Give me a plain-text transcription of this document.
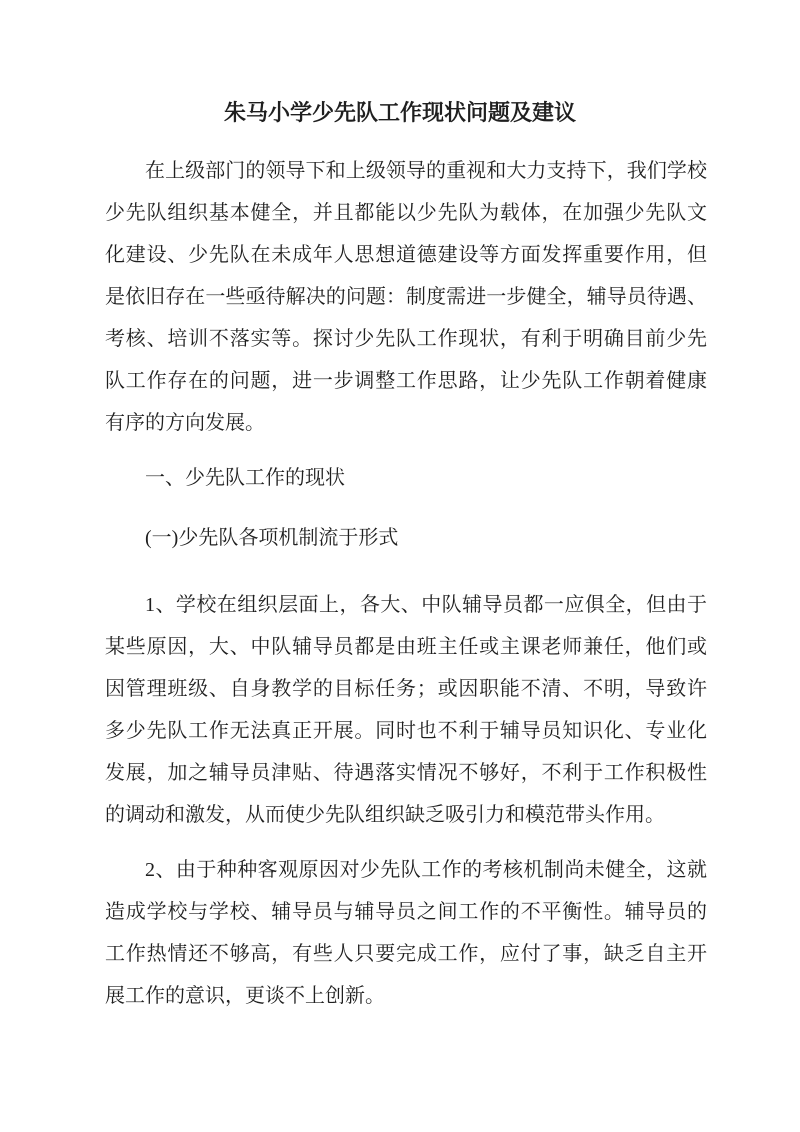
朱马小学少先队工作现状问题及建议
在上级部门的领导下和上级领导的重视和大力支持下，我们学校
少先队组织基本健全，并且都能以少先队为载体，在加强少先队文
化建设、少先队在未成年人思想道德建设等方面发挥重要作用，但
是依旧存在一些亟待解决的问题：制度需进一步健全，辅导员待遇、
考核、培训不落实等。探讨少先队工作现状，有利于明确目前少先
队工作存在的问题，进一步调整工作思路，让少先队工作朝着健康
有序的方向发展。
一、少先队工作的现状
(一)少先队各项机制流于形式
1、学校在组织层面上，各大、中队辅导员都一应俱全，但由于
某些原因，大、中队辅导员都是由班主任或主课老师兼任，他们或
因管理班级、自身教学的目标任务；或因职能不清、不明，导致许
多少先队工作无法真正开展。同时也不利于辅导员知识化、专业化
发展，加之辅导员津贴、待遇落实情况不够好，不利于工作积极性
的调动和激发，从而使少先队组织缺乏吸引力和模范带头作用。
2、由于种种客观原因对少先队工作的考核机制尚未健全，这就
造成学校与学校、辅导员与辅导员之间工作的不平衡性。辅导员的
工作热情还不够高，有些人只要完成工作，应付了事，缺乏自主开
展工作的意识，更谈不上创新。
